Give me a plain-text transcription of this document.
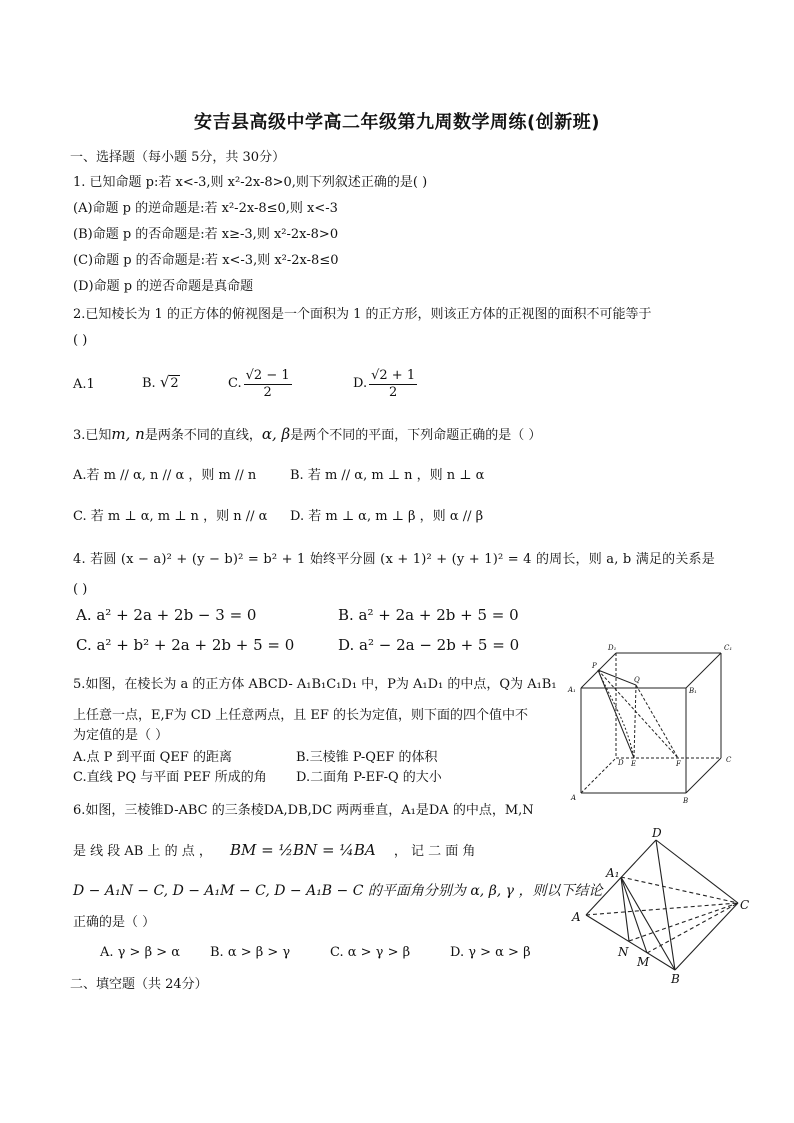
安吉县高级中学高二年级第九周数学周练(创新班)
一、选择题（每小题 5分，共 30分）
1. 已知命题 p:若 x<-3,则 x²-2x-8>0,则下列叙述正确的是( )
(A)命题 p 的逆命题是:若 x²-2x-8≤0,则 x<-3
(B)命题 p 的否命题是:若 x≥-3,则 x²-2x-8>0
(C)命题 p 的否命题是:若 x<-3,则 x²-2x-8≤0
(D)命题 p 的逆否命题是真命题
2.已知棱长为 1 的正方体的俯视图是一个面积为 1 的正方形，则该正方体的正视图的面积不可能等于
( )
A.1	B. √2	C. $\frac{√2 - 1}{2}$	D. $\frac{√2 + 1}{2}$
3.已知m, n是两条不同的直线，α, β是两个不同的平面，下列命题正确的是（ ）
A.若 m // α, n // α ，则 m // n	B. 若 m // α, m ⊥ n ，则 n ⊥ α
C. 若 m ⊥ α, m ⊥ n ，则 n // α D. 若 m ⊥ α, m ⊥ β ，则 α // β
4. 若圆 (x − a)² + (y − b)² = b² + 1 始终平分圆 (x + 1)² + (y + 1)² = 4 的周长，则 a, b 满足的关系是
( )
A. a² + 2a + 2b − 3 = 0	B. a² + 2a + 2b + 5 = 0
C. a² + b² + 2a + 2b + 5 = 0	D. a² − 2a − 2b + 5 = 0
5.如图，在棱长为 a 的正方体 ABCD- A₁B₁C₁D₁ 中，P为 A₁D₁ 的中点，Q为 A₁B₁
上任意一点，E,F为 CD 上任意两点，且 EF 的长为定值，则下面的四个值中不
为定值的是（ ）
A.点 P 到平面 QEF 的距离	B.三棱锥 P-QEF 的体积
C.直线 PQ 与平面 PEF 所成的角 D.二面角 P-EF-Q 的大小
D₁	C₁
P
Q
A₁	B₁
D E	F	C
A	B
6.如图，三棱锥D-ABC 的三条棱DA,DB,DC 两两垂直，A₁是DA 的中点，M,N
是 线 段 AB 上 的 点 ， BM = ½BN = ¼BA ， 记 二 面 角
D − A₁N − C, D − A₁M − C, D − A₁B − C 的平面角分别为 α, β, γ ，则以下结论
正确的是（ ）
A. γ > β > α B. α > β > γ	C. α > γ > β	D. γ > α > β
D
A₁
A
C
N
M
B
二、填空题（共 24分）
